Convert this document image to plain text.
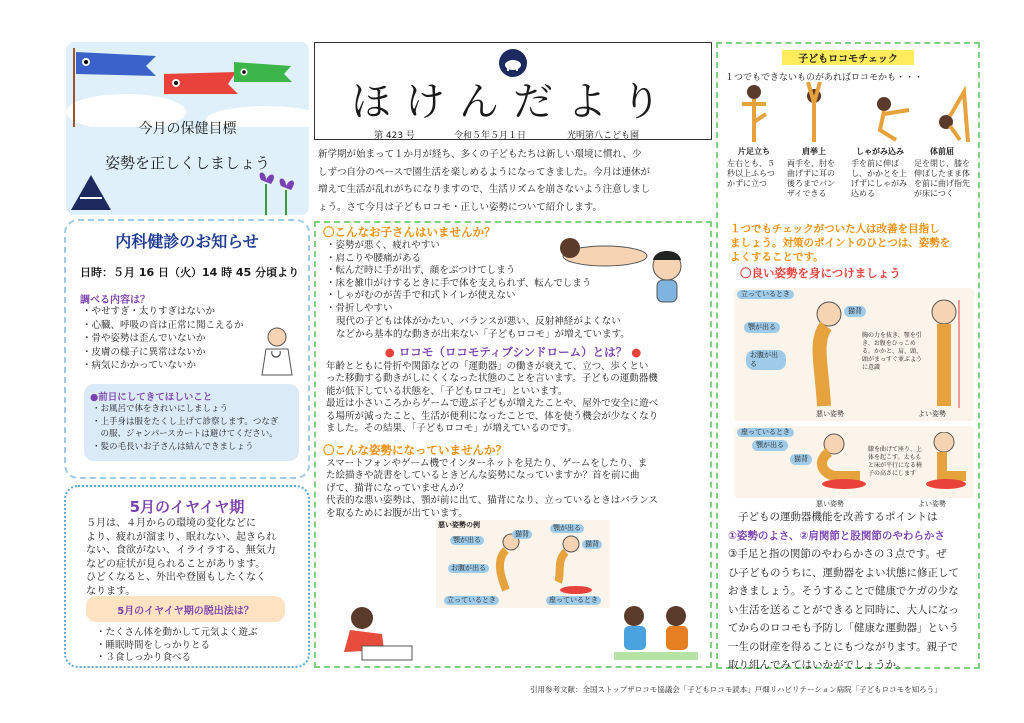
今月の保健目標
姿勢を正しくしましょう
内科健診のお知らせ
日時：５月 16 日（火）14 時 45 分頃より
調べる内容は？
・やせすぎ・太りすぎはないか
・心臓、呼吸の音は正常に聞こえるか
・骨や姿勢は歪んでいないか
・皮膚の様子に異常はないか
・病気にかかっていないか
●前日にしてきてほしいこと
・お風呂で体をきれいにしましょう
・上手身は服をたくし上げて診察します。つなぎ
　の服、ジャンパースカートは避けてください。
・髪の毛長いお子さんは結んできましょう
5月のイヤイヤ期
５月は、４月からの環境の変化などに
より、疲れが溜まり、眠れない、起きられ
ない、食欲がない、イライラする、無気力
などの症状が見られることがあります。
ひどくなると、外出や登園もしたくなく
なります。
5月のイヤイヤ期の脱出法は？
・たくさん体を動かして元気よく遊ぶ
・睡眠時間をしっかりとる
・３食しっかり食べる
ほけんだより
第 423 号	令和５年５月１日	光明第八こども園
新学期が始まって１か月が経ち、多くの子どもたちは新しい環境に慣れ、少
しずつ自分のペースで園生活を楽しめるようになってきました。今月は連休が
増えて生活が乱れがちになりますので、生活リズムを崩さないよう注意しまし
ょう。さて今月は子どもロコモ・正しい姿勢について紹介します。
〇こんなお子さんはいませんか？
・姿勢が悪く、疲れやすい
・肩こりや腰痛がある
・転んだ時に手が出ず、顔をぶつけてしまう
・床を雑巾がけするときに手で体を支えられず、転んでしまう
・しゃがむのが苦手で和式トイレが使えない
・骨折しやすい
現代の子どもは体がかたい、バランスが悪い、反射神経がよくない
などから基本的な動きが出来ない「子どもロコモ」が増えています。
● ロコモ（ロコモティブシンドローム）とは？ ●
年齢とともに骨折や関節などの「運動器」の働きが衰えて、立つ、歩くとい
った移動する動きがしにくくなった状態のことを言います。子どもの運動器機
能が低下している状態を、「子どもロコモ」といいます。
最近は小さいころからゲームで遊ぶ子どもが増えたことや、屋外で安全に遊べ
る場所が減ったこと、生活が便利になったことで、体を使う機会が少なくなり
ました。その結果、「子どもロコモ」が増えているのです。
〇こんな姿勢になっていませんか？
スマートフォンやゲーム機でインターネットを見たり、ゲームをしたり、ま
た絵描きや読書をしているときどんな姿勢になっていますか？首を前に曲
げて、猫背になっていませんか？
代表的な悪い姿勢は、顎が前に出て、猫背になり、立っているときはバランス
を取るためにお腹が出ています。
悪い姿勢の例
顎が出る
猫背
猫背
顎が出る
お腹が出る
立っているとき	座っているとき
子どもロコモチェック
１つでもできないものがあればロコモかも・・・
片足立ち
左右とも、５秒以上ふらつかずに立つ
肩挙上
両手を、肘を曲げずに耳の後ろまでバンザイできる
しゃがみ込み
手を前に伸ばし、かかとを上げずにしゃがみ込める
体前屈
足を閉じ、膝を伸ばしたまま体を前に曲げ指先が床につく
１つでもチェックがついた人は改善を目指し
ましょう。対策のポイントのひとつは、姿勢を
よくすることです。
〇良い姿勢を身につけましょう
立っているとき
顎が出る
猫背
お腹が出る
胸の力を抜き、顎を引き、お腹をひっこめる。かかと、肩、頭、頭がまっすぐ並ぶように意識
悪い姿勢	よい姿勢
座っているとき
顎が出る
猫背
膝を曲げて座り、上体を起こす。太ももと床が平行になる椅子の高さにします
悪い姿勢	よい姿勢
子どもの運動器機能を改善するポイントは
①姿勢のよさ、②肩関節と股関節のやわらかさ
③手足と指の関節のやわらかさの３点です。ぜ
ひ子どものうちに、運動器をよい状態に修正して
おきましょう。そうすることで健康でケガの少な
い生活を送ることができると同時に、大人になっ
てからのロコモも予防し「健康な運動器」という
一生の財産を得ることにもつながります。親子で
取り組んでみてはいかがでしょうか。
引用参考文献：全国ストップザロコモ協議会「子どもロコモ読本」戸畑リハビリテーション病院「子どもロコモを知ろう」
